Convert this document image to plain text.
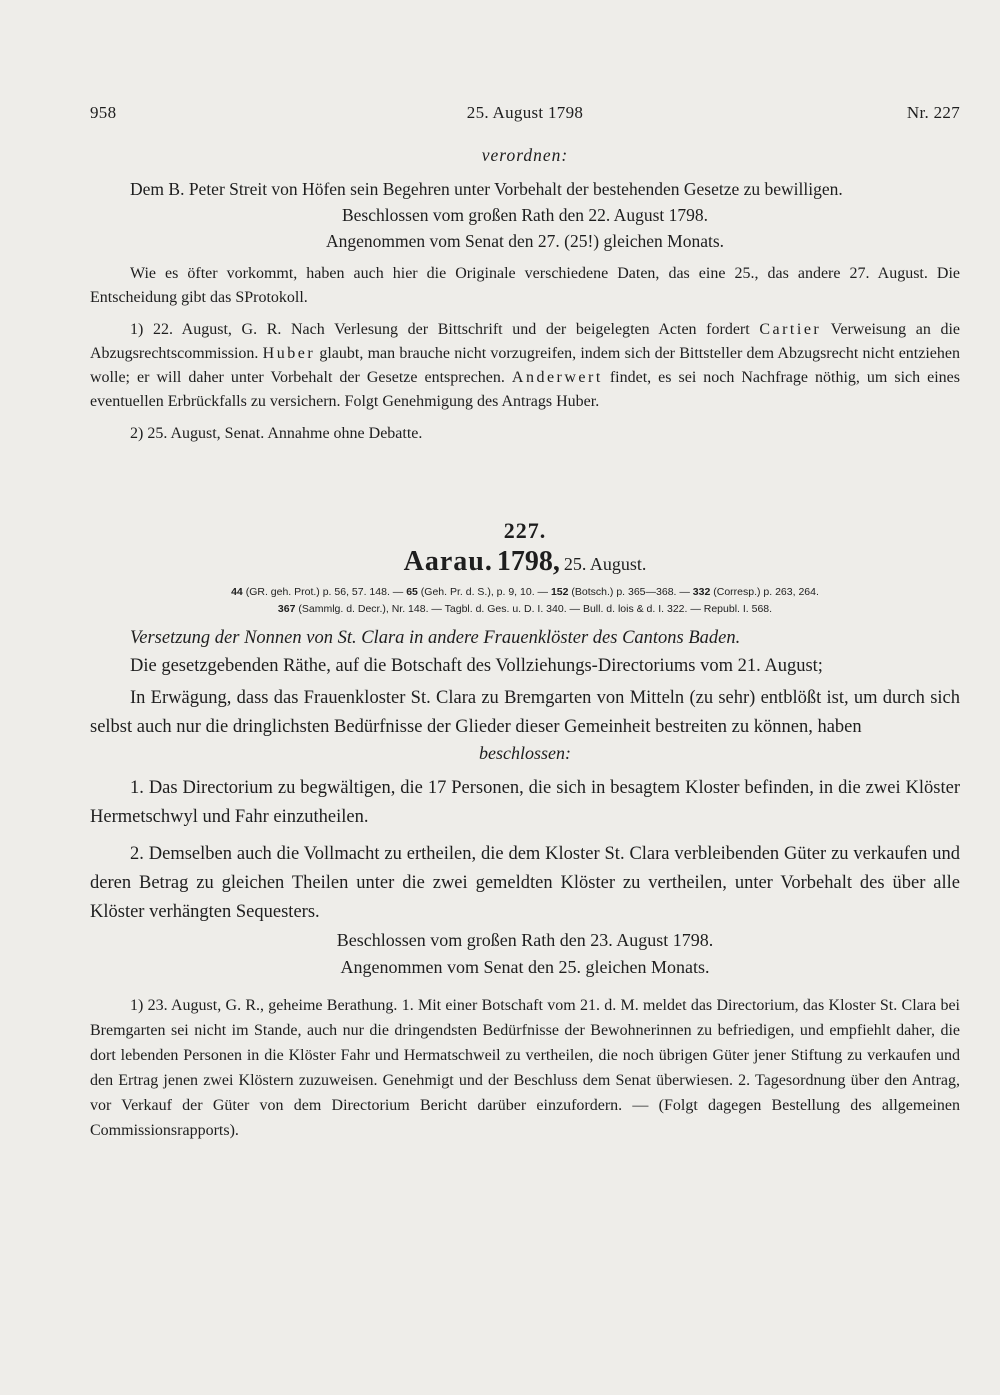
958	25. August 1798	Nr. 227

verordnen:

Dem B. Peter Streit von Höfen sein Begehren unter Vorbehalt der bestehenden Gesetze zu bewilligen.

Beschlossen vom großen Rath den 22. August 1798.

Angenommen vom Senat den 27. (25!) gleichen Monats.

Wie es öfter vorkommt, haben auch hier die Originale verschiedene Daten, das eine 25., das andere 27. August. Die Entscheidung gibt das SProtokoll.

1) 22. August, G. R. Nach Verlesung der Bittschrift und der beigelegten Acten fordert Cartier Verweisung an die Abzugsrechtscommission. Huber glaubt, man brauche nicht vorzugreifen, indem sich der Bittsteller dem Abzugsrecht nicht entziehen wolle; er will daher unter Vorbehalt der Gesetze entsprechen. Anderwert findet, es sei noch Nachfrage nöthig, um sich eines eventuellen Erbrückfalls zu versichern. Folgt Genehmigung des Antrags Huber.

2) 25. August, Senat. Annahme ohne Debatte.

227.
Aarau. 1798, 25. August.
44 (GR. geh. Prot.) p. 56, 57. 148. — 65 (Geh. Pr. d. S.), p. 9, 10. — 152 (Botsch.) p. 365—368. — 332 (Corresp.) p. 263, 264.
367 (Sammlg. d. Decr.), Nr. 148. — Tagbl. d. Ges. u. D. I. 340. — Bull. d. lois & d. I. 322. — Republ. I. 568.

Versetzung der Nonnen von St. Clara in andere Frauenklöster des Cantons Baden.

Die gesetzgebenden Räthe, auf die Botschaft des Vollziehungs-Directoriums vom 21. August;

In Erwägung, dass das Frauenkloster St. Clara zu Bremgarten von Mitteln (zu sehr) entblößt ist, um durch sich selbst auch nur die dringlichsten Bedürfnisse der Glieder dieser Gemeinheit bestreiten zu können, haben

beschlossen:

1. Das Directorium zu begwältigen, die 17 Personen, die sich in besagtem Kloster befinden, in die zwei Klöster Hermetschwyl und Fahr einzutheilen.

2. Demselben auch die Vollmacht zu ertheilen, die dem Kloster St. Clara verbleibenden Güter zu verkaufen und deren Betrag zu gleichen Theilen unter die zwei gemeldten Klöster zu vertheilen, unter Vorbehalt des über alle Klöster verhängten Sequesters.

Beschlossen vom großen Rath den 23. August 1798.

Angenommen vom Senat den 25. gleichen Monats.

1) 23. August, G. R., geheime Berathung. 1. Mit einer Botschaft vom 21. d. M. meldet das Directorium, das Kloster St. Clara bei Bremgarten sei nicht im Stande, auch nur die dringendsten Bedürfnisse der Bewohnerinnen zu befriedigen, und empfiehlt daher, die dort lebenden Personen in die Klöster Fahr und Hermatschweil zu vertheilen, die noch übrigen Güter jener Stiftung zu verkaufen und den Ertrag jenen zwei Klöstern zuzuweisen. Genehmigt und der Beschluss dem Senat überwiesen. 2. Tagesordnung über den Antrag, vor Verkauf der Güter von dem Directorium Bericht darüber einzufordern. — (Folgt dagegen Bestellung des allgemeinen Commissionsrapports).
